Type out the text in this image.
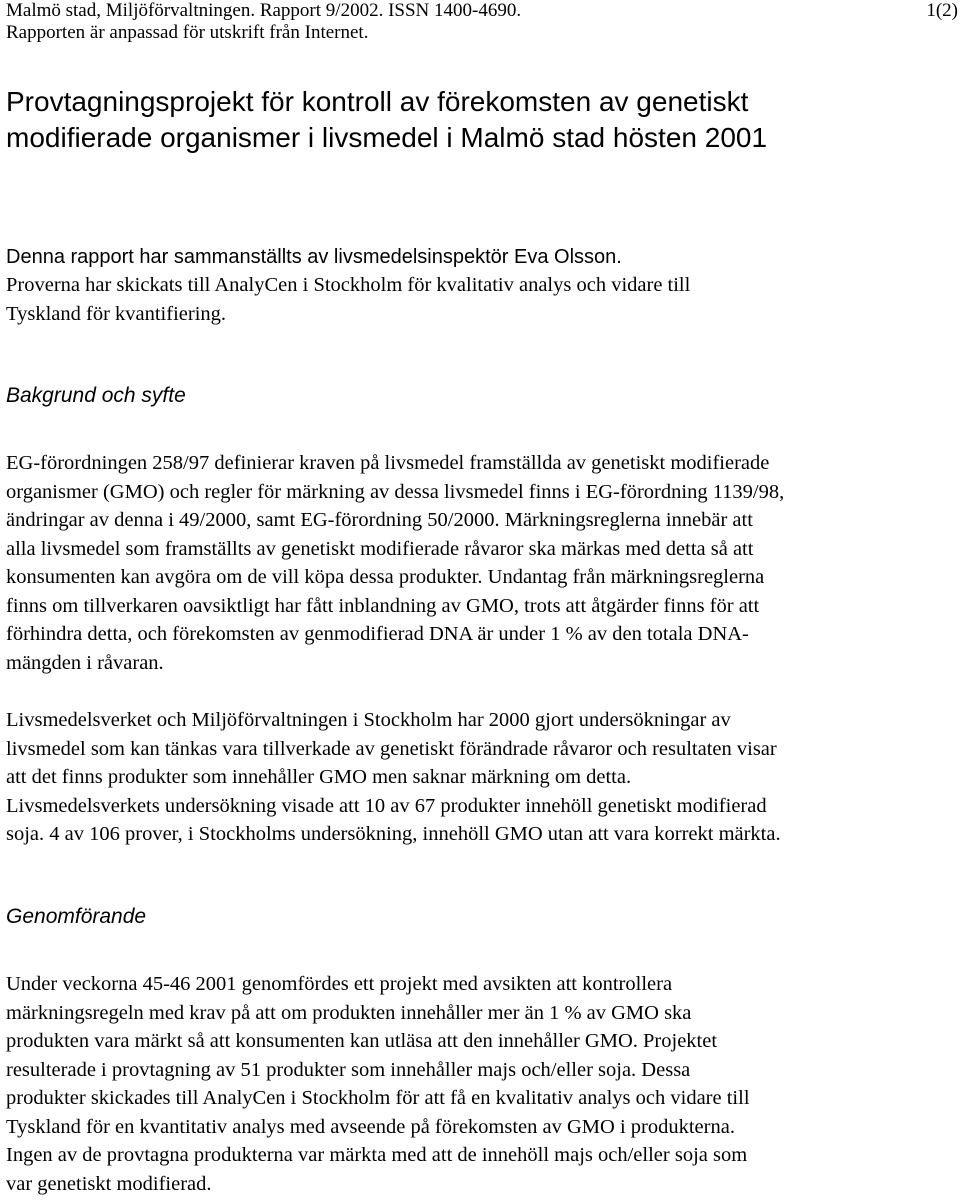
Malmö stad, Miljöförvaltningen. Rapport 9/2002. ISSN 1400-4690.
Rapporten är anpassad för utskrift från Internet.
1(2)
Provtagningsprojekt för kontroll av förekomsten av genetiskt
modifierade organismer i livsmedel i Malmö stad hösten 2001
Denna rapport har sammanställts av livsmedelsinspektör Eva Olsson.

Proverna har skickats till AnalyCen i Stockholm för kvalitativ analys och vidare till
Tyskland för kvantifiering.

Bakgrund och syfte

EG-förordningen 258/97 definierar kraven på livsmedel framställda av genetiskt modifierade
organismer (GMO) och regler för märkning av dessa livsmedel finns i EG-förordning 1139/98,
ändringar av denna i 49/2000, samt EG-förordning 50/2000. Märkningsreglerna innebär att
alla livsmedel som framställts av genetiskt modifierade råvaror ska märkas med detta så att
konsumenten kan avgöra om de vill köpa dessa produkter. Undantag från märkningsreglerna
finns om tillverkaren oavsiktligt har fått inblandning av GMO, trots att åtgärder finns för att
förhindra detta, och förekomsten av genmodifierad DNA är under 1 % av den totala DNA-
mängden i råvaran.

Livsmedelsverket och Miljöförvaltningen i Stockholm har 2000 gjort undersökningar av
livsmedel som kan tänkas vara tillverkade av genetiskt förändrade råvaror och resultaten visar
att det finns produkter som innehåller GMO men saknar märkning om detta.
Livsmedelsverkets undersökning visade att 10 av 67 produkter innehöll genetiskt modifierad
soja. 4 av 106 prover, i Stockholms undersökning, innehöll GMO utan att vara korrekt märkta.

Genomförande

Under veckorna 45-46 2001 genomfördes ett projekt med avsikten att kontrollera
märkningsregeln med krav på att om produkten innehåller mer än 1 % av GMO ska
produkten vara märkt så att konsumenten kan utläsa att den innehåller GMO. Projektet
resulterade i provtagning av 51 produkter som innehåller majs och/eller soja. Dessa
produkter skickades till AnalyCen i Stockholm för att få en kvalitativ analys och vidare till
Tyskland för en kvantitativ analys med avseende på förekomsten av GMO i produkterna.
Ingen av de provtagna produkterna var märkta med att de innehöll majs och/eller soja som
var genetiskt modifierad.
